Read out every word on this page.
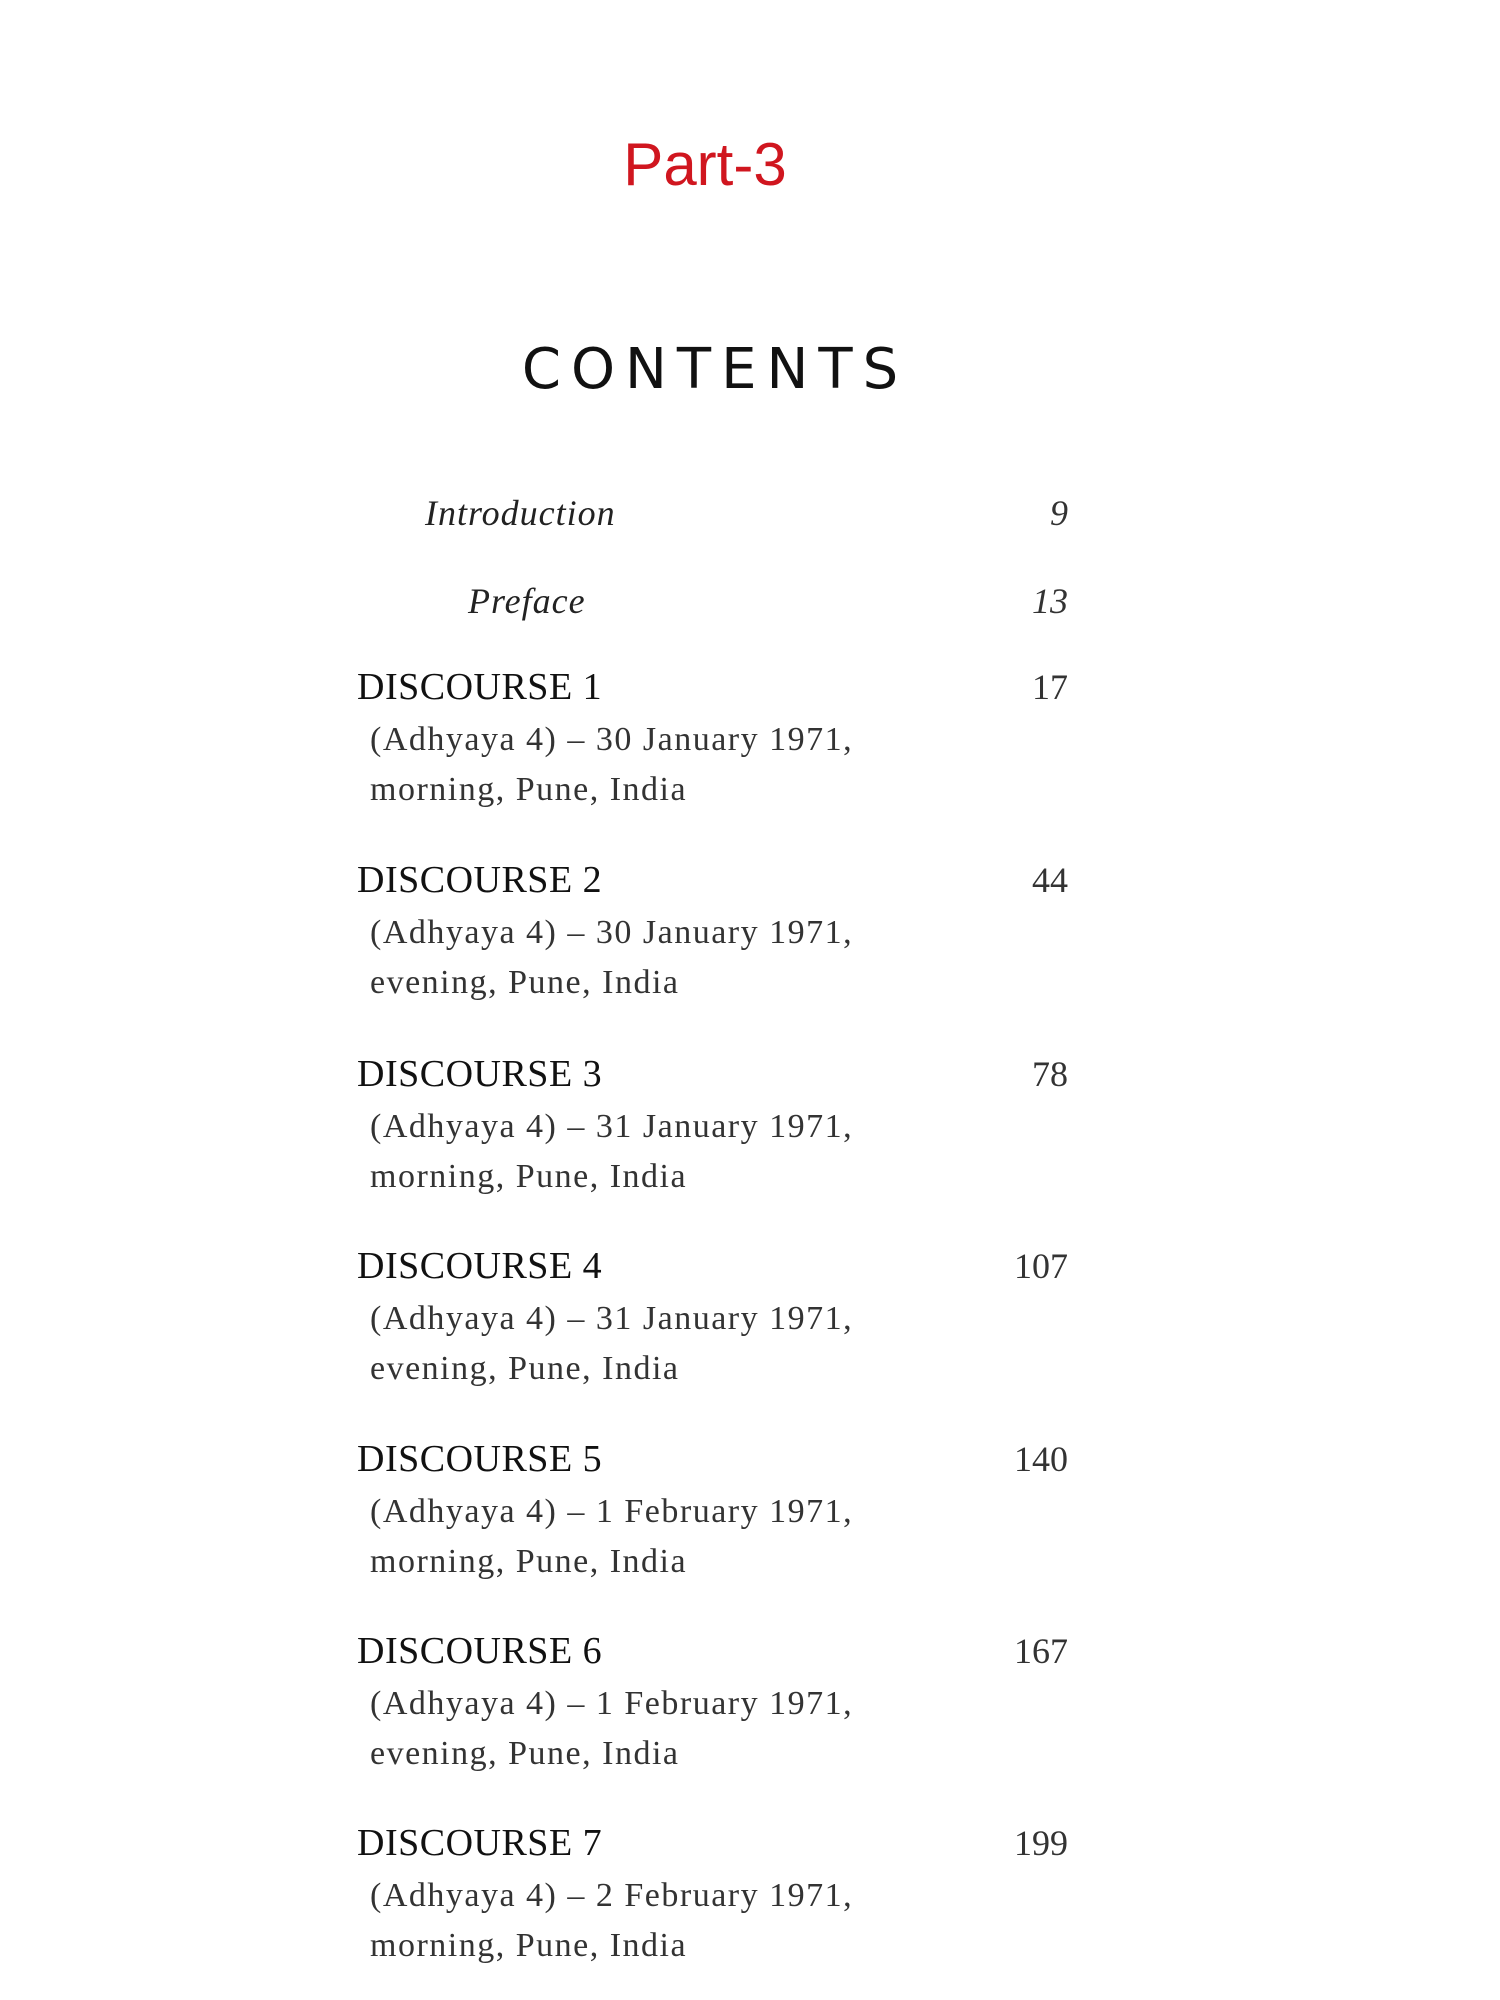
Part-3
CONTENTS
Introduction	9
Preface	13
DISCOURSE 1	17
(Adhyaya 4) – 30 January 1971,
morning, Pune, India
DISCOURSE 2	44
(Adhyaya 4) – 30 January 1971,
evening, Pune, India
DISCOURSE 3	78
(Adhyaya 4) – 31 January 1971,
morning, Pune, India
DISCOURSE 4	107
(Adhyaya 4) – 31 January 1971,
evening, Pune, India
DISCOURSE 5	140
(Adhyaya 4) – 1 February 1971,
morning, Pune, India
DISCOURSE 6	167
(Adhyaya 4) – 1 February 1971,
evening, Pune, India
DISCOURSE 7	199
(Adhyaya 4) – 2 February 1971,
morning, Pune, India
